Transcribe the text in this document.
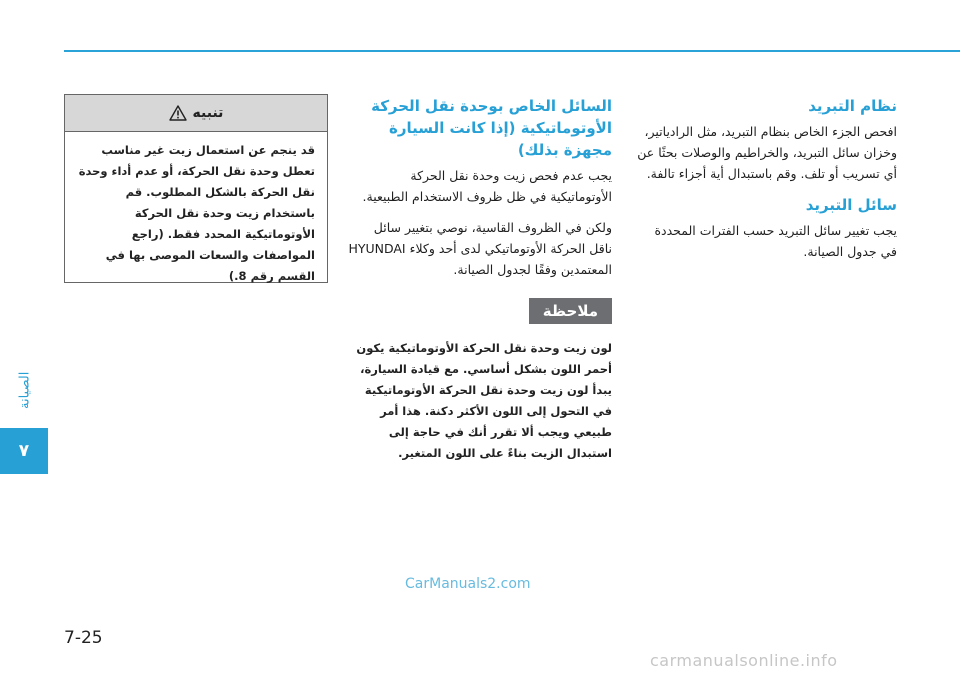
الصيانة
٧
نظام التبريد

افحص الجزء الخاص بنظام التبريد، مثل الرادياتير، وخزان سائل التبريد، والخراطيم والوصلات بحثًا عن أي تسريب أو تلف. وقم باستبدال أية أجزاء تالفة.

سائل التبريد

يجب تغيير سائل التبريد حسب الفترات المحددة في جدول الصيانة.

السائل الخاص بوحدة نقل الحركة الأوتوماتيكية (إذا كانت السيارة مجهزة بذلك)

يجب عدم فحص زيت وحدة نقل الحركة الأوتوماتيكية في ظل ظروف الاستخدام الطبيعية.

ولكن في الظروف القاسية، نوصي بتغيير سائل ناقل الحركة الأوتوماتيكي لدى أحد وكلاء HYUNDAI المعتمدين وفقًا لجدول الصيانة.

ملاحظة

لون زيت وحدة نقل الحركة الأوتوماتيكية يكون أحمر اللون بشكل أساسي. مع قيادة السيارة، يبدأ لون زيت وحدة نقل الحركة الأوتوماتيكية في التحول إلى اللون الأكثر دكنة. هذا أمر طبيعي ويجب ألا تقرر أنك في حاجة إلى استبدال الزيت بناءً على اللون المتغير.

تنبيه
قد ينجم عن استعمال زيت غير مناسب تعطل وحدة نقل الحركة، أو عدم أداء وحدة نقل الحركة بالشكل المطلوب. قم باستخدام زيت وحدة نقل الحركة الأوتوماتيكية المحدد فقط. (راجع المواصفات والسعات الموصى بها في القسم رقم 8.)
CarManuals2.com
7-25
carmanualsonline.info
